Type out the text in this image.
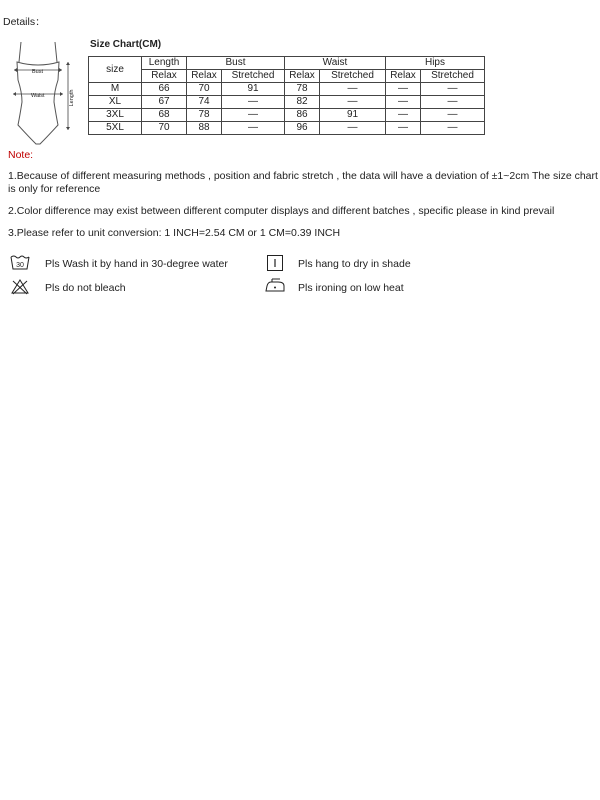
Details：
Bust
Waist	Length
Size Chart(CM)
size	Length	Bust		Waist		Hips	
	Relax	Relax	Stretched	Relax	Stretched	Relax	Stretched
M	66	70	91	78	—	—	—
XL	67	74	—	82	—	—	—
3XL	68	78	—	86	91	—	—
5XL	70	88	—	96	—	—	—
Note:
1.Because of different measuring methods , position and fabric stretch , the data will have a deviation of ±1~2cm The size chart is only for reference
2.Color difference may exist between different computer displays and different batches , specific please in kind prevail
3.Please refer to unit conversion: 1 INCH=2.54 CM or 1 CM=0.39 INCH
30 Pls Wash it by hand in 30-degree water
Pls do not bleach
Pls hang to dry in shade
Pls ironing on low heat
